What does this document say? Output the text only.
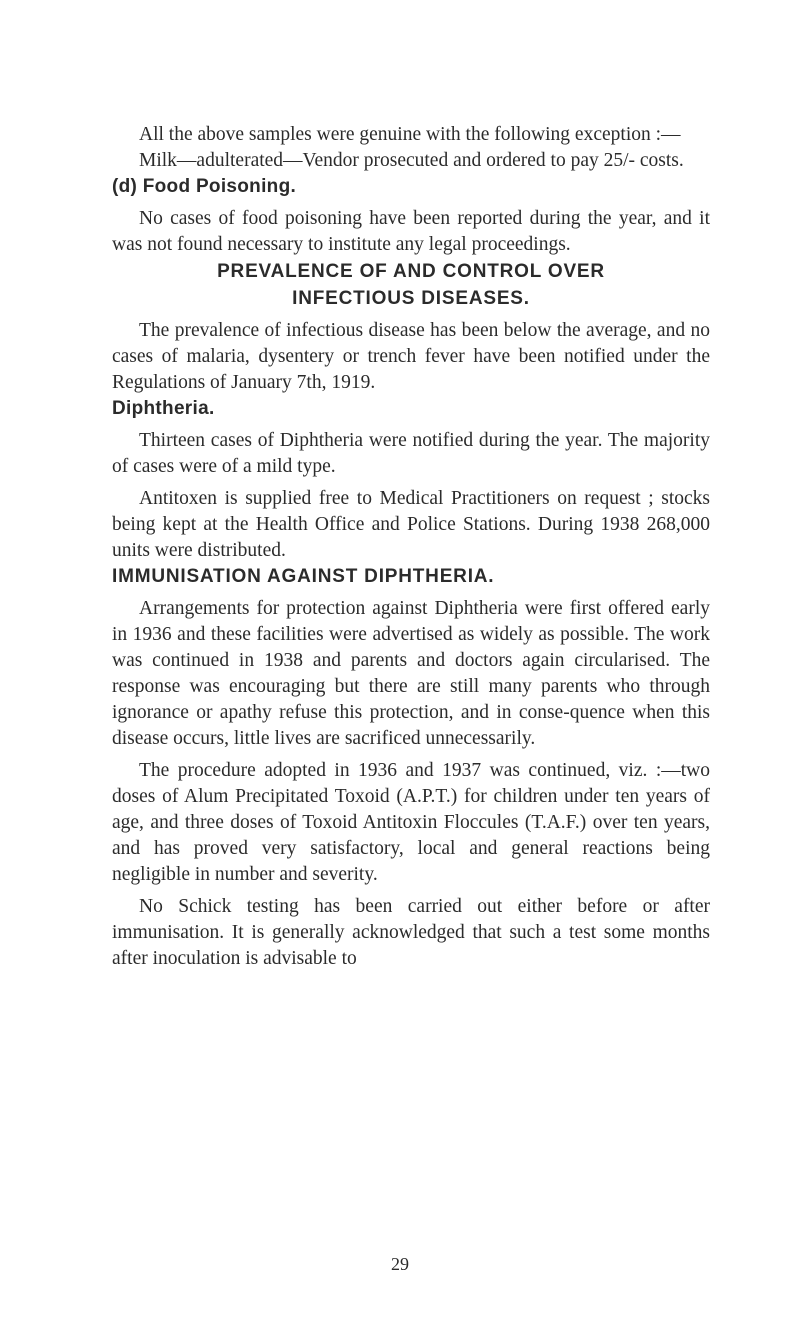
All the above samples were genuine with the following exception :—

Milk—adulterated—Vendor prosecuted and ordered to pay 25/- costs.

(d) Food Poisoning.

No cases of food poisoning have been reported during the year, and it was not found necessary to institute any legal proceedings.

PREVALENCE OF AND CONTROL OVER
INFECTIOUS DISEASES.

The prevalence of infectious disease has been below the average, and no cases of malaria, dysentery or trench fever have been notified under the Regulations of January 7th, 1919.

Diphtheria.

Thirteen cases of Diphtheria were notified during the year. The majority of cases were of a mild type.

Antitoxen is supplied free to Medical Practitioners on request ; stocks being kept at the Health Office and Police Stations. During 1938 268,000 units were distributed.

IMMUNISATION AGAINST DIPHTHERIA.

Arrangements for protection against Diphtheria were first offered early in 1936 and these facilities were advertised as widely as possible. The work was continued in 1938 and parents and doctors again circularised. The response was encouraging but there are still many parents who through ignorance or apathy refuse this protection, and in conse-quence when this disease occurs, little lives are sacrificed unnecessarily.

The procedure adopted in 1936 and 1937 was continued, viz. :—two doses of Alum Precipitated Toxoid (A.P.T.) for children under ten years of age, and three doses of Toxoid Antitoxin Floccules (T.A.F.) over ten years, and has proved very satisfactory, local and general reactions being negligible in number and severity.

No Schick testing has been carried out either before or after immunisation. It is generally acknowledged that such a test some months after inoculation is advisable to

29
